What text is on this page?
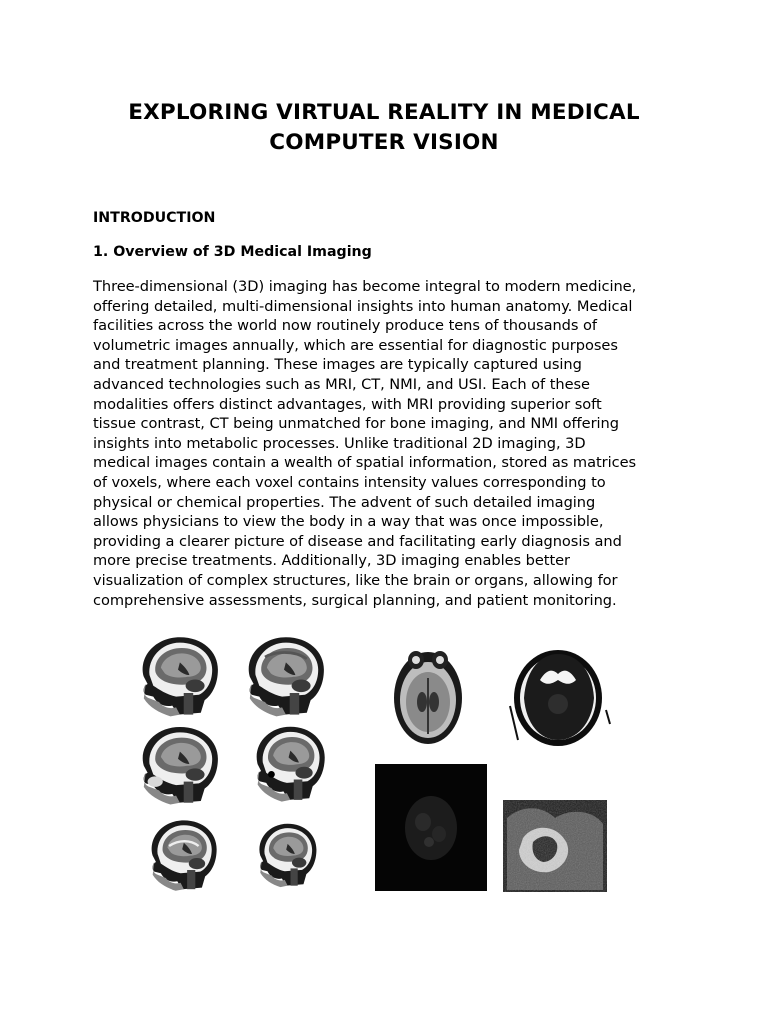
EXPLORING VIRTUAL REALITY IN MEDICAL
COMPUTER VISION
INTRODUCTION
1. Overview of 3D Medical Imaging

Three-dimensional (3D) imaging has become integral to modern medicine,
offering detailed, multi-dimensional insights into human anatomy. Medical
facilities across the world now routinely produce tens of thousands of
volumetric images annually, which are essential for diagnostic purposes
and treatment planning. These images are typically captured using
advanced technologies such as MRI, CT, NMI, and USI. Each of these
modalities offers distinct advantages, with MRI providing superior soft
tissue contrast, CT being unmatched for bone imaging, and NMI offering
insights into metabolic processes. Unlike traditional 2D imaging, 3D
medical images contain a wealth of spatial information, stored as matrices
of voxels, where each voxel contains intensity values corresponding to
physical or chemical properties. The advent of such detailed imaging
allows physicians to view the body in a way that was once impossible,
providing a clearer picture of disease and facilitating early diagnosis and
more precise treatments. Additionally, 3D imaging enables better
visualization of complex structures, like the brain or organs, allowing for
comprehensive assessments, surgical planning, and patient monitoring.
